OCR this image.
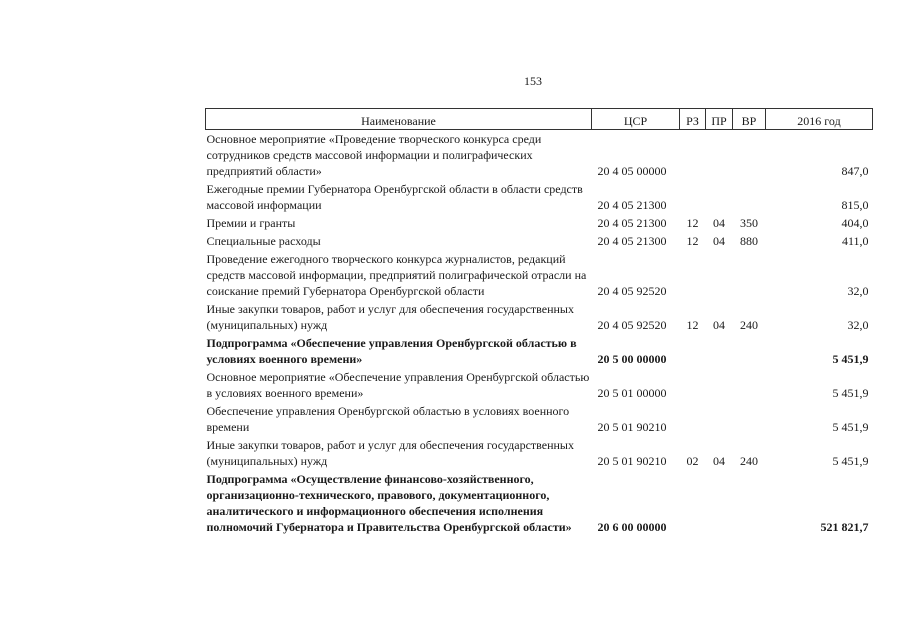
153
Наименование	ЦСР	РЗ	ПР	ВР	2016 год
Основное мероприятие «Проведение творческого конкурса среди сотрудников средств массовой информации и полиграфических предприятий области»	20 4 05 00000				847,0
Ежегодные премии Губернатора Оренбургской области в области средств массовой информации	20 4 05 21300				815,0
Премии и гранты	20 4 05 21300	12	04	350	404,0
Специальные расходы	20 4 05 21300	12	04	880	411,0
Проведение ежегодного творческого конкурса журналистов, редакций средств массовой информации, предприятий полиграфической отрасли на соискание премий Губернатора Оренбургской области	20 4 05 92520				32,0
Иные закупки товаров, работ и услуг для обеспечения государственных (муниципальных) нужд	20 4 05 92520	12	04	240	32,0
Подпрограмма «Обеспечение управления Оренбургской областью в условиях военного времени»	20 5 00 00000				5 451,9
Основное мероприятие «Обеспечение управления Оренбургской областью в условиях военного времени»	20 5 01 00000				5 451,9
Обеспечение управления Оренбургской областью в условиях военного времени	20 5 01 90210				5 451,9
Иные закупки товаров, работ и услуг для обеспечения государственных (муниципальных) нужд	20 5 01 90210	02	04	240	5 451,9
Подпрограмма «Осуществление финансово-хозяйственного, организационно-технического, правового, документационного, аналитического и информационного обеспечения исполнения полномочий Губернатора и Правительства Оренбургской области»	20 6 00 00000				521 821,7
